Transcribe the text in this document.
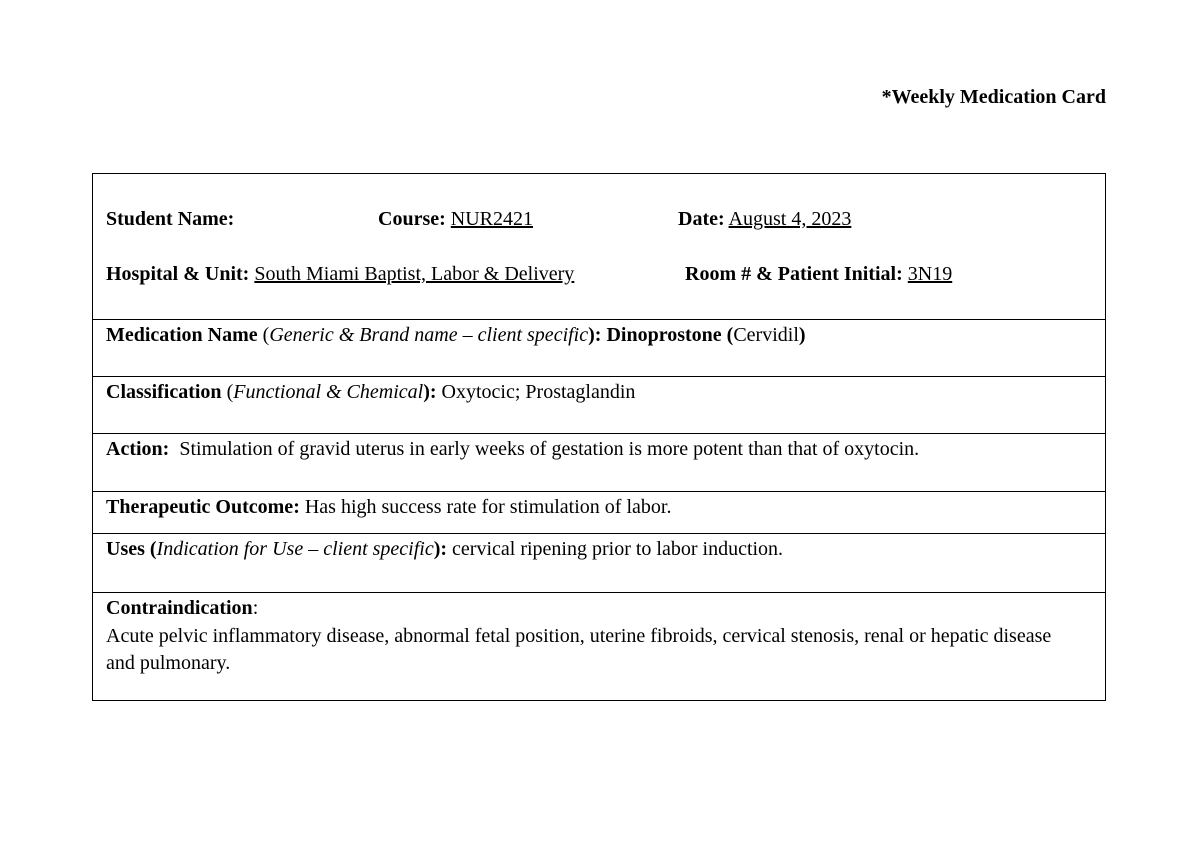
*Weekly Medication Card
Student Name:	Course: NUR2421	Date: August 4, 2023
Hospital & Unit: South Miami Baptist, Labor & Delivery	Room # & Patient Initial: 3N19
Medication Name (Generic & Brand name – client specific): Dinoprostone (Cervidil)
Classification (Functional & Chemical): Oxytocic; Prostaglandin
Action:  Stimulation of gravid uterus in early weeks of gestation is more potent than that of oxytocin.
Therapeutic Outcome: Has high success rate for stimulation of labor.
Uses (Indication for Use – client specific): cervical ripening prior to labor induction.
Contraindication:
Acute pelvic inflammatory disease, abnormal fetal position, uterine fibroids, cervical stenosis, renal or hepatic disease and pulmonary.
